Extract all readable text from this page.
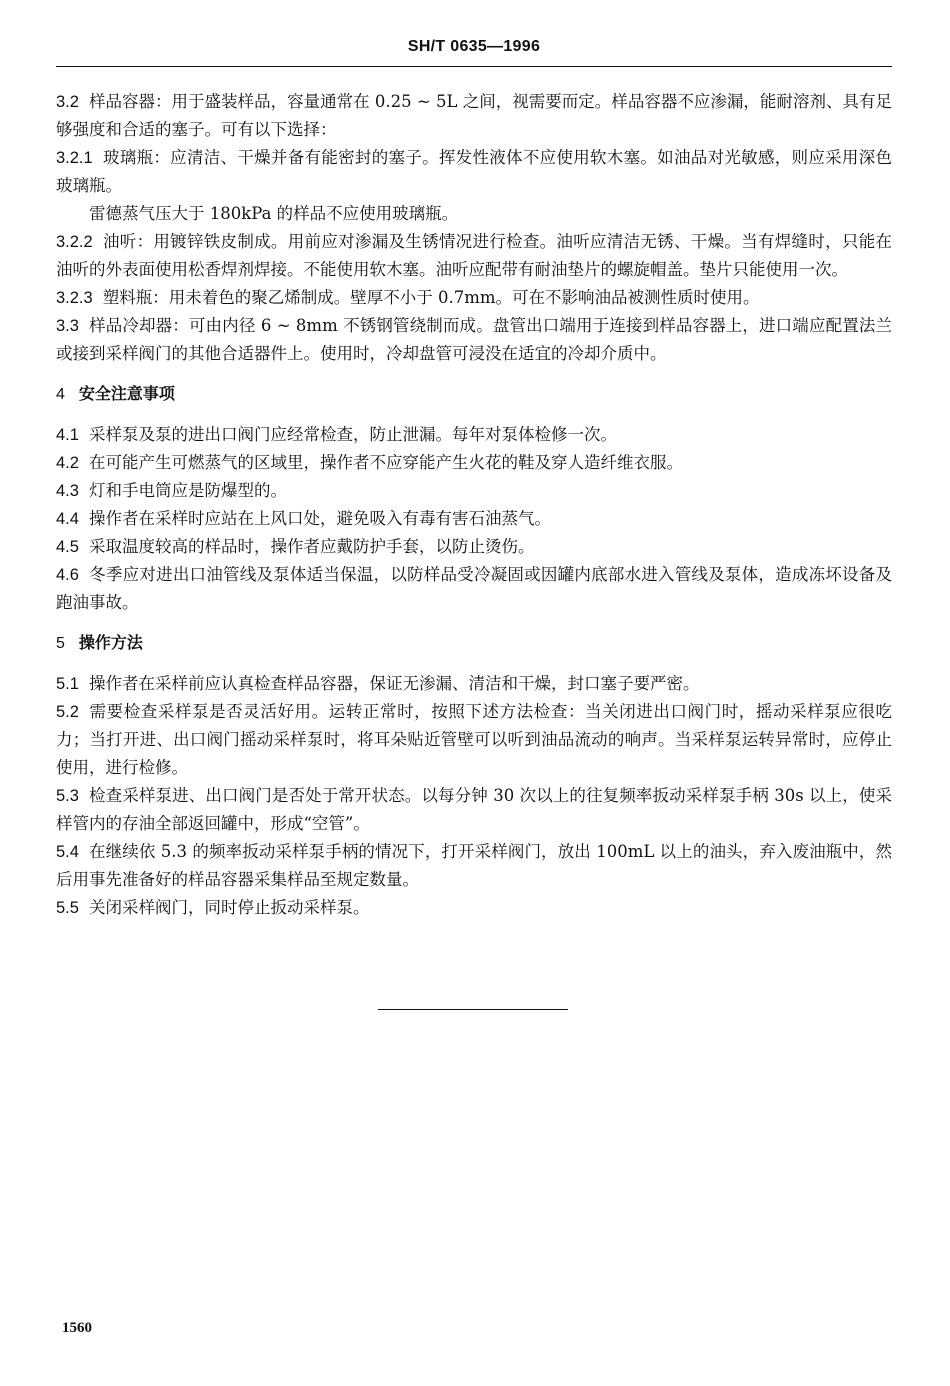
SH/T 0635—1996

3.2 样品容器：用于盛装样品，容量通常在 0.25 ~ 5L 之间，视需要而定。样品容器不应渗漏，能耐溶剂、具有足够强度和合适的塞子。可有以下选择：

3.2.1 玻璃瓶：应清洁、干燥并备有能密封的塞子。挥发性液体不应使用软木塞。如油品对光敏感，则应采用深色玻璃瓶。

雷德蒸气压大于 180kPa 的样品不应使用玻璃瓶。

3.2.2 油听：用镀锌铁皮制成。用前应对渗漏及生锈情况进行检查。油听应清洁无锈、干燥。当有焊缝时，只能在油听的外表面使用松香焊剂焊接。不能使用软木塞。油听应配带有耐油垫片的螺旋帽盖。垫片只能使用一次。

3.2.3 塑料瓶：用未着色的聚乙烯制成。壁厚不小于 0.7mm。可在不影响油品被测性质时使用。

3.3 样品冷却器：可由内径 6 ~ 8mm 不锈钢管绕制而成。盘管出口端用于连接到样品容器上，进口端应配置法兰或接到采样阀门的其他合适器件上。使用时，冷却盘管可浸没在适宜的冷却介质中。

4 安全注意事项

4.1 采样泵及泵的进出口阀门应经常检查，防止泄漏。每年对泵体检修一次。

4.2 在可能产生可燃蒸气的区域里，操作者不应穿能产生火花的鞋及穿人造纤维衣服。

4.3 灯和手电筒应是防爆型的。

4.4 操作者在采样时应站在上风口处，避免吸入有毒有害石油蒸气。

4.5 采取温度较高的样品时，操作者应戴防护手套，以防止烫伤。

4.6 冬季应对进出口油管线及泵体适当保温，以防样品受冷凝固或因罐内底部水进入管线及泵体，造成冻坏设备及跑油事故。

5 操作方法

5.1 操作者在采样前应认真检查样品容器，保证无渗漏、清洁和干燥，封口塞子要严密。

5.2 需要检查采样泵是否灵活好用。运转正常时，按照下述方法检查：当关闭进出口阀门时，摇动采样泵应很吃力；当打开进、出口阀门摇动采样泵时，将耳朵贴近管壁可以听到油品流动的响声。当采样泵运转异常时，应停止使用，进行检修。

5.3 检查采样泵进、出口阀门是否处于常开状态。以每分钟 30 次以上的往复频率扳动采样泵手柄 30s 以上，使采样管内的存油全部返回罐中，形成“空管”。

5.4 在继续依 5.3 的频率扳动采样泵手柄的情况下，打开采样阀门，放出 100mL 以上的油头，弃入废油瓶中，然后用事先准备好的样品容器采集样品至规定数量。

5.5 关闭采样阀门，同时停止扳动采样泵。

1560
